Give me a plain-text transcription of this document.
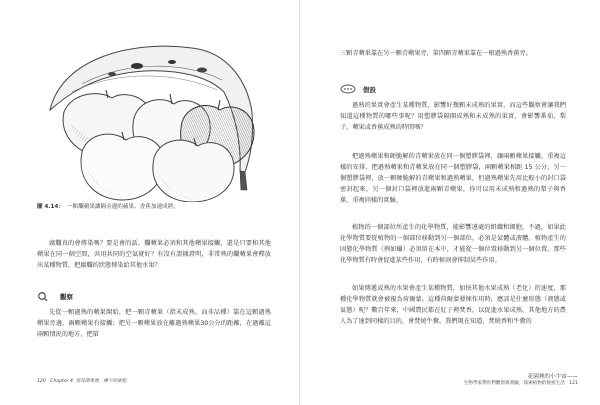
圖 4.14： 一顆爛蘋果讓隔旁邊的蘋果、香蕉加速成熟。

腐爛真的會傳染嗎？要是會的話，爛蘋果必須和其他蘋果接觸，還是只要和其他蘋果在同一個空間，共用共同的空氣就好？有沒有證據證明，非常熟的爛蘋果會釋放出某種物質，把腐爛的狀態傳染給其他水果？

觀察

先從一顆過熟的蘋果開始，把一顆青蘋果（指未成熟，而非品種）靠在這顆過熟蘋果旁邊，兩顆蘋果有接觸；把另一顆蘋果放在離過熟蘋果30公分的距離，在過離這兩顆情況的地方，把第

120 Chapter 4 從花開果實，種子的旅程

三顆青蘋果靠在另一顆青蘋果旁，第四顆青蘋果靠在一根過熟香蕉旁。

假設

過熟的果實會產生某種物質，影響好幾顆未成熟的果實，而這些觀察會讓我們知道這種物質的哪些事呢？用塑膠袋隔開成熟和未成熟的果實，會影響番茄、梨子、蘋果或香蕉成熟的時間嗎？

把過熟蘋果和硬脆解的青蘋果放在同一個塑膠袋裡，讓兩顆蘋果接觸，重複這樣的安排，把過熟蘋果和青蘋果放在同一個塑膠袋，兩顆蘋果相距 15 公分，另一個塑膠袋裡，放一顆硬脆解的青蘋果和過熟蘋果，但過熟蘋果先用比較小的封口袋密封起來。另一個封口袋裡放進兩顆青蘋果，你可以用未成熟和過熟的梨子與香蕉，重複同樣的實驗。

植物的一個部位所產生的化學物質，能影響遠處的組織和細胞，不過，如果此化學物質要從植物的一個部位移動到另一個部位，必須是氣體或液體。植物產生的固態化學物質（例如蠟）必須留在本中，才能從一個位置移動到另一個位置。那些化學物質有時會促進某些作用，有時候則會抑制某些作用。

如果傳遞或熟的水果會產生某種物質，加快其他水果成熟（老化）的速度，那種化學物質就會被視為荷爾蒙。這種荷爾蒙發揮作用時，應該是什麼形態（液態或氣態）呢？數百年來，中國農民都在紅子裡焚香，以促進水果成熟，其他地方的農人為了達到同樣的目的，會焚燒牛糞。我們現在知道，焚燒香和牛糞的

花園裡的小宇宙——
生物學家帶你們觀察與實驗，探索植物的秘密生活 121
